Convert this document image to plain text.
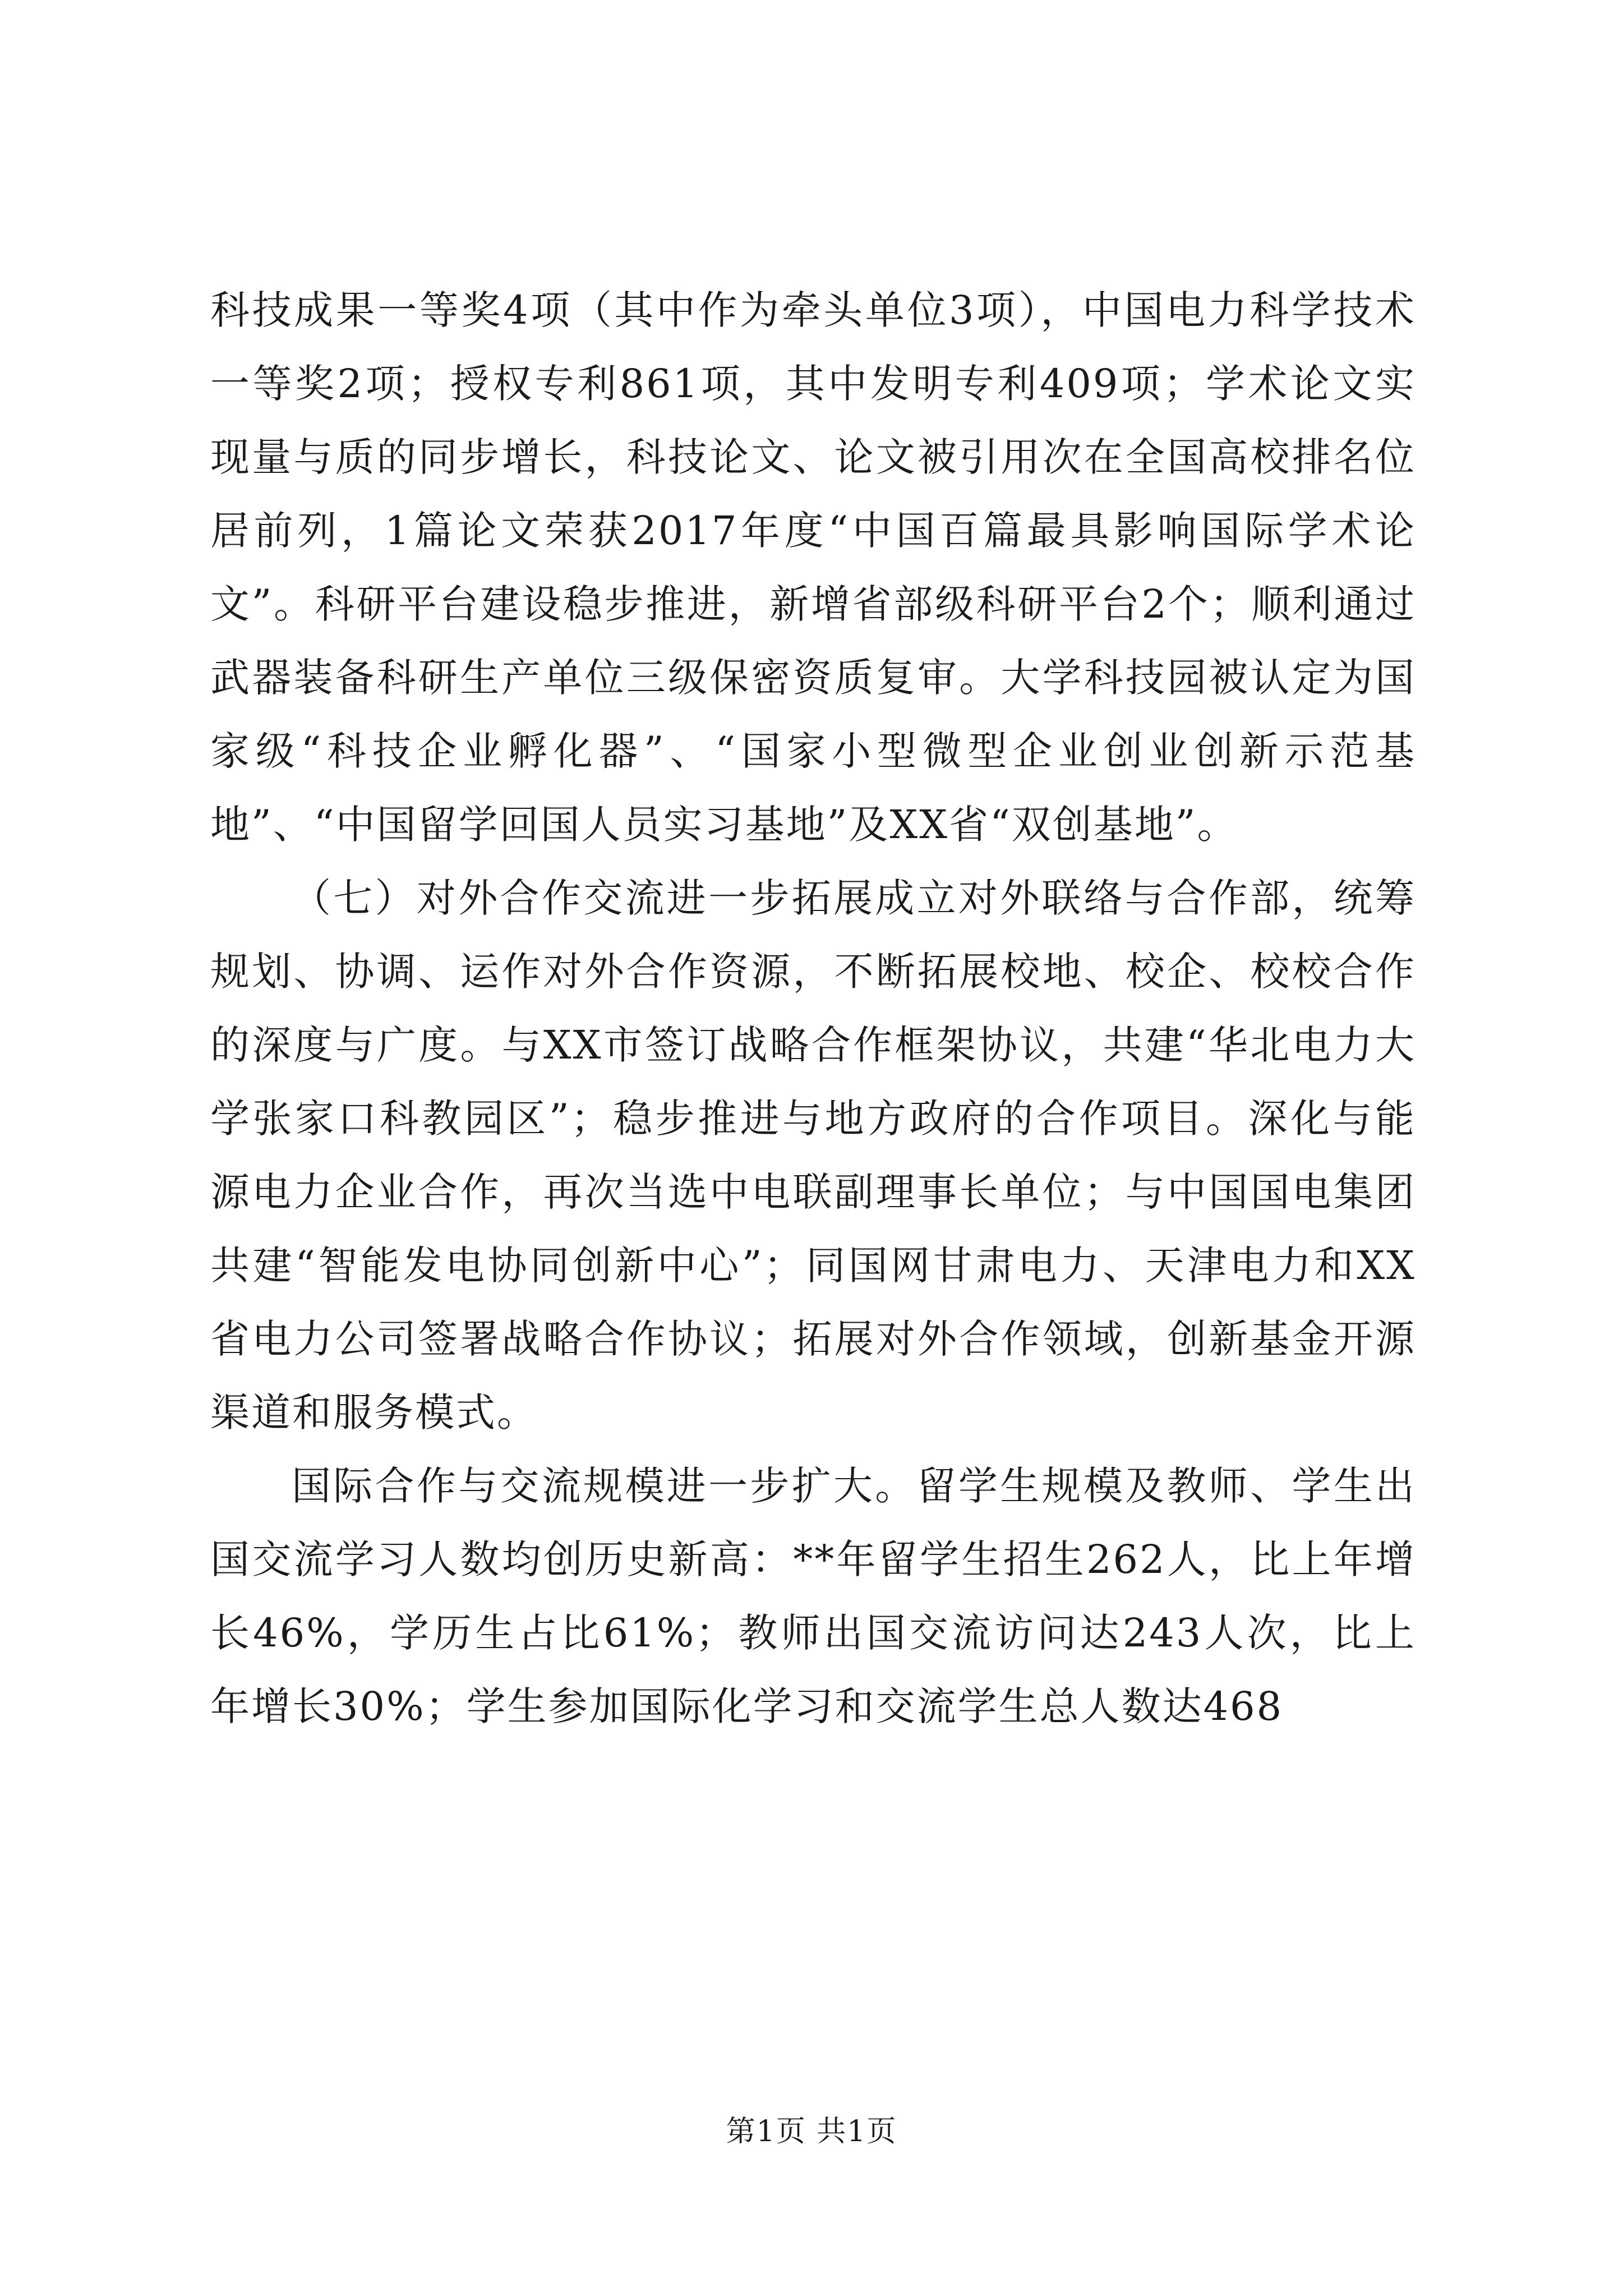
科技成果一等奖4项（其中作为牵头单位3项），中国电力科学技术一等奖2项；授权专利861项，其中发明专利409项；学术论文实现量与质的同步增长，科技论文、论文被引用次在全国高校排名位居前列，1篇论文荣获2017年度“中国百篇最具影响国际学术论文”。科研平台建设稳步推进，新增省部级科研平台2个；顺利通过武器装备科研生产单位三级保密资质复审。大学科技园被认定为国家级“科技企业孵化器”、“国家小型微型企业创业创新示范基地”、“中国留学回国人员实习基地”及XX省“双创基地”。

（七）对外合作交流进一步拓展成立对外联络与合作部，统筹规划、协调、运作对外合作资源，不断拓展校地、校企、校校合作的深度与广度。与XX市签订战略合作框架协议，共建“华北电力大学张家口科教园区”；稳步推进与地方政府的合作项目。深化与能源电力企业合作，再次当选中电联副理事长单位；与中国国电集团共建“智能发电协同创新中心”；同国网甘肃电力、天津电力和XX省电力公司签署战略合作协议；拓展对外合作领域，创新基金开源渠道和服务模式。

国际合作与交流规模进一步扩大。留学生规模及教师、学生出国交流学习人数均创历史新高：**年留学生招生262人，比上年增长46%，学历生占比61%；教师出国交流访问达243人次，比上年增长30%；学生参加国际化学习和交流学生总人数达468

第1页 共1页
